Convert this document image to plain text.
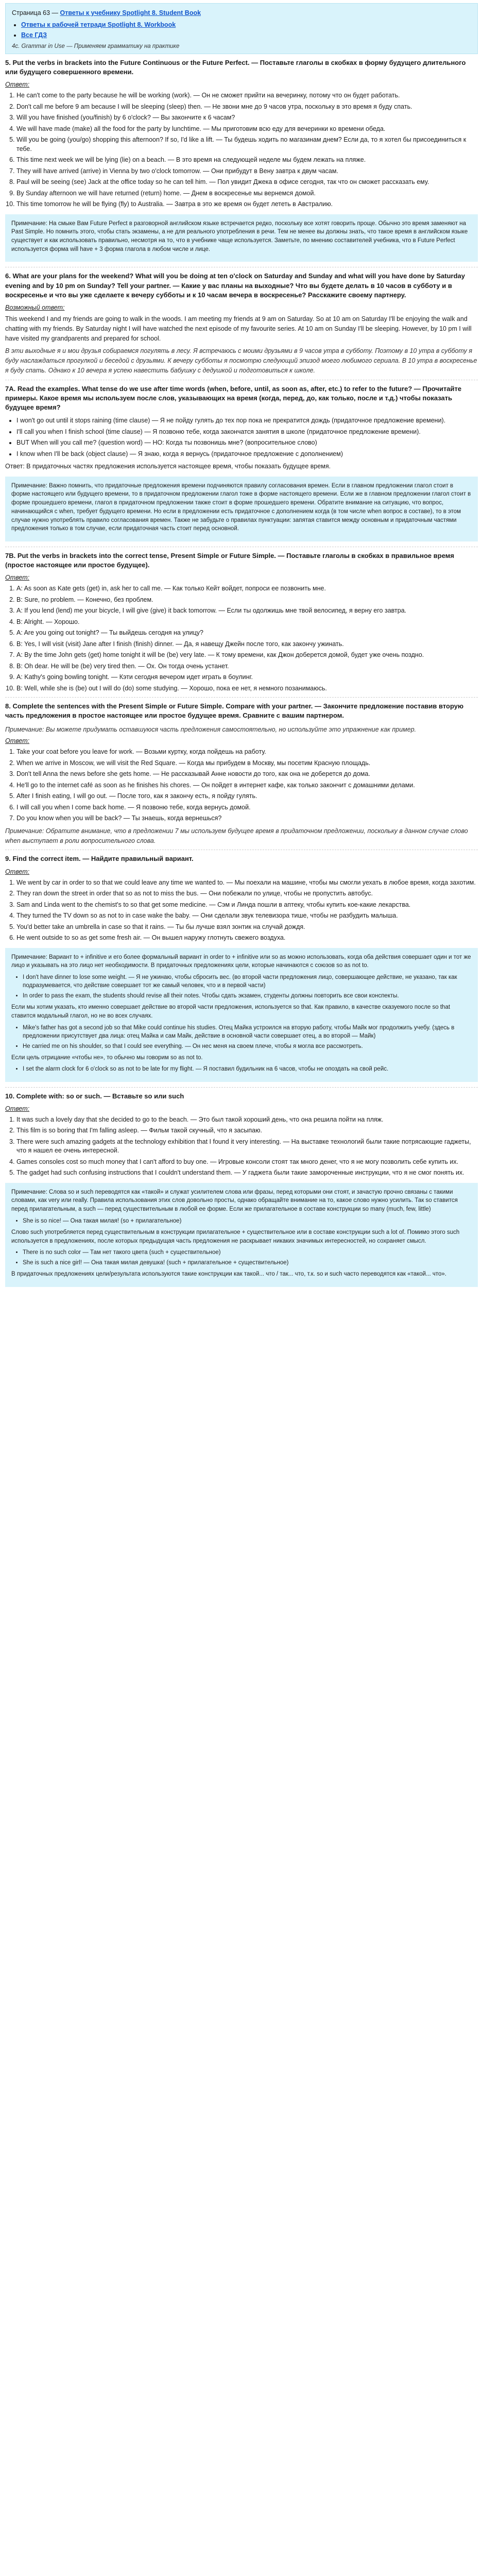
Страница 63 — Ответы к учебнику Spotlight 8. Student Book
• Ответы к рабочей тетради Spotlight 8. Workbook
• Все ГДЗ
4c. Grammar in Use — Применяем грамматику на практике
5. Put the verbs in brackets into the Future Continuous or the Future Perfect. — Поставьте глаголы в скобках в форму будущего длительного или будущего совершенного времени.
Ответ:
1. He can't come to the party because he will be working (work). — Он не сможет прийти на вечеринку, потому что он будет работать.
2. Don't call me before 9 am because I will be sleeping (sleep) then. — Не звони мне до 9 часов утра, поскольку в это время я буду спать.
3. Will you have finished (you/finish) by 6 o'clock? — Вы закончите к 6 часам?
4. We will have made (make) all the food for the party by lunchtime. — Мы приготовим всю еду для вечеринки ко времени обеда.
5. Will you be going (you/go) shopping this afternoon? If so, I'd like a lift. — Ты будешь ходить по магазинам днем? Если да, то я хотел бы присоединиться к тебе.
6. This time next week we will be lying (lie) on a beach. — В это время на следующей неделе мы будем лежать на пляже.
7. They will have arrived (arrive) in Vienna by two o'clock tomorrow. — Они прибудут в Вену завтра к двум часам.
8. Paul will be seeing (see) Jack at the office today so he can tell him. — Пол увидит Джека в офисе сегодня, так что он сможет рассказать ему.
9. By Sunday afternoon we will have returned (return) home. — Днем в воскресенье мы вернемся домой.
10. This time tomorrow he will be flying (fly) to Australia. — Завтра в это же время он будет лететь в Австралию.

Примечание: На смыке Вам Future Perfect в разговорной английском языке встречается редко, поскольку все хотят говорить проще. Обычно это время заменяют на Past Simple. Но помнить этого, чтобы стать экзамены, а не для реального употребления в речи. Тем не менее вы должны знать, что такое время в английском языке существует и как использовать правильно, несмотря на то, что в учебнике чаще используется. Заметьте, по мнению составителей учебника, что в Future Perfect используется форма will have + 3 форма глагола в любом числе и лице.

6. What are your plans for the weekend? What will you be doing at ten o'clock on Saturday and Sunday and what will you have done by Saturday evening and by 10 pm on Sunday? Tell your partner. — Какие у вас планы на выходные? Что вы будете делать в 10 часов в субботу и в воскресенье и что вы уже сделаете к вечеру субботы и к 10 часам вечера в воскресенье? Расскажите своему партнеру.
Возможный ответ:

This weekend I and my friends are going to walk in the woods. I am meeting my friends at 9 am on Saturday. So at 10 am on Saturday I'll be enjoying the walk and chatting with my friends. By Saturday night I will have watched the next episode of my favourite series. At 10 am on Sunday I'll be sleeping. However, by 10 pm I will have visited my grandparents and prepared for school.

В эти выходные я и мои друзья собираемся погулять в лесу. Я встречаюсь с моими друзьями в 9 часов утра в субботу. Поэтому в 10 утра в субботу я буду наслаждаться прогулкой и беседой с друзьями. К вечеру субботы я посмотрю следующий эпизод моего любимого сериала. В 10 утра в воскресенье я буду спать. Однако к 10 вечера я успею навестить бабушку с дедушкой и подготовиться к школе.

7A. Read the examples. What tense do we use after time words (when, before, until, as soon as, after, etc.) to refer to the future? — Прочитайте примеры. Какое время мы используем после слов, указывающих на время (когда, перед, до, как только, после и т.д.) чтобы показать будущее время?
• I won't go out until it stops raining (time clause) — Я не пойду гулять до тех пор пока не прекратится дождь (придаточное предложение времени).
• I'll call you when I finish school (time clause) — Я позвоню тебе, когда закончатся занятия в школе (придаточное предложение времени).
• BUT When will you call me? (question word) — НО: Когда ты позвонишь мне? (вопросительное слово)
• I know when I'll be back (object clause) — Я знаю, когда я вернусь (придаточное предложение с дополнением)

Ответ: В придаточных частях предложения используется настоящее время, чтобы показать будущее время.

Примечание: Важно помнить, что придаточные предложения времени подчиняются правилу согласования времен. Если в главном предложении глагол стоит в форме настоящего или будущего времени, то в придаточном предложении глагол тоже в форме настоящего времени. Если же в главном предложении глагол стоит в форме прошедшего времени, глагол в придаточном предложении также стоит в форме прошедшего времени. Обратите внимание на ситуацию, что вопрос, начинающийся с when, требует будущего времени. Но если в предложении есть придаточное с дополнением когда (в том числе when вопрос в составе), то в этом случае нужно употреблять правило согласования времен. Также не забудьте о правилах пунктуации: запятая ставится между основным и придаточным частями предложения только в том случае, если придаточная часть стоит перед основной.

7B. Put the verbs in brackets into the correct tense, Present Simple or Future Simple. — Поставьте глаголы в скобках в правильное время (простое настоящее или простое будущее).
Ответ:
1. A: As soon as Kate gets (get) in, ask her to call me. — Как только Кейт войдет, попроси ее позвонить мне.
2. B: Sure, no problem. — Конечно, без проблем.
3. A: If you lend (lend) me your bicycle, I will give (give) it back tomorrow. — Если ты одолжишь мне твой велосипед, я верну его завтра.
4. B: Alright. — Хорошо.
5. A: Are you going out tonight? — Ты выйдешь сегодня на улицу?
6. B: Yes, I will visit (visit) Jane after I finish (finish) dinner. — Да, я навещу Джейн после того, как закончу ужинать.
7. A: By the time John gets (get) home tonight it will be (be) very late. — К тому времени, как Джон доберется домой, будет уже очень поздно.
8. B: Oh dear. He will be (be) very tired then. — Ох. Он тогда очень устанет.
9. A: Kathy's going bowling tonight. — Кэти сегодня вечером идет играть в боулинг.
10. B: Well, while she is (be) out I will do (do) some studying. — Хорошо, пока ее нет, я немного позанимаюсь.
8. Complete the sentences with the Present Simple or Future Simple. Compare with your partner. — Закончите предложение поставив вторую часть предложения в простое настоящее или простое будущее время. Сравните с вашим партнером.

Примечание: Вы можете придумать оставшуюся часть предложения самостоятельно, но используйте это упражнение как пример.

Ответ:
1. Take your coat before you leave for work. — Возьми куртку, когда пойдешь на работу.
2. When we arrive in Moscow, we will visit the Red Square. — Когда мы прибудем в Москву, мы посетим Красную площадь.
3. Don't tell Anna the news before she gets home. — Не рассказывай Анне новости до того, как она не доберется до дома.
4. He'll go to the internet café as soon as he finishes his chores. — Он пойдет в интернет кафе, как только закончит с домашними делами.
5. After I finish eating, I will go out. — После того, как я закончу есть, я пойду гулять.
6. I will call you when I come back home. — Я позвоню тебе, когда вернусь домой.
7. Do you know when you will be back? — Ты знаешь, когда вернешься?

Примечание: Обратите внимание, что в предложении 7 мы используем будущее время в придаточном предложении, поскольку в данном случае слово when выступает в роли вопросительного слова.

9. Find the correct item. — Найдите правильный вариант.
Ответ:
1. We went by car in order to so that we could leave any time we wanted to. — Мы поехали на машине, чтобы мы смогли уехать в любое время, когда захотим.
2. They ran down the street in order that so as not to miss the bus. — Они побежали по улице, чтобы не пропустить автобус.
3. Sam and Linda went to the chemist's to so that get some medicine. — Сэм и Линда пошли в аптеку, чтобы купить кое-какие лекарства.
4. They turned the TV down so as not to in case wake the baby. — Они сделали звук телевизора тише, чтобы не разбудить малыша.
5. You'd better take an umbrella in case so that it rains. — Ты бы лучше взял зонтик на случай дождя.
6. He went outside to so as get some fresh air. — Он вышел наружу глотнуть свежего воздуха.

Примечание: Вариант to + infinitive и его более формальный вариант in order to + infinitive или so as можно использовать, когда оба действия совершает один и тот же лицо и указывать на это лицо нет необходимости. В придаточных предложениях цели, которые начинаются с союзов so as not to.

• I don't have dinner to lose some weight. — Я не ужинаю, чтобы сбросить вес. (во второй части предложения лицо, совершающее действие, не указано, так как подразумевается, что действие совершает тот же самый человек, что и в первой части)
• In order to pass the exam, the students should revise all their notes. Чтобы сдать экзамен, студенты должны повторить все свои конспекты.

Если мы хотим указать, кто именно совершает действие во второй части предложения, используется so that. Как правило, в качестве сказуемого после so that ставится модальный глагол, но не во всех случаях.

• Mike's father has got a second job so that Mike could continue his studies. Отец Майка устроился на вторую работу, чтобы Майк мог продолжить учебу. (здесь в предложении присутствует два лица: отец Майка и сам Майк, действие в основной части совершает отец, а во второй — Майк)
• He carried me on his shoulder, so that I could see everything. — Он нес меня на своем плече, чтобы я могла все рассмотреть.

Если цель отрицание «чтобы не», то обычно мы говорим so as not to.

• I set the alarm clock for 6 o'clock so as not to be late for my flight. — Я поставил будильник на 6 часов, чтобы не опоздать на свой рейс.
10. Complete with: so or such. — Вставьте so или such
Ответ:
1. It was such a lovely day that she decided to go to the beach. — Это был такой хороший день, что она решила пойти на пляж.
2. This film is so boring that I'm falling asleep. — Фильм такой скучный, что я засыпаю.
3. There were such amazing gadgets at the technology exhibition that I found it very interesting. — На выставке технологий были такие потрясающие гаджеты, что я нашел ее очень интересной.
4. Games consoles cost so much money that I can't afford to buy one. — Игровые консоли стоят так много денег, что я не могу позволить себе купить их.
5. The gadget had such confusing instructions that I couldn't understand them. — У гаджета были такие замороченные инструкции, что я не смог понять их.

Примечание: Слова so и such переводятся как «такой» и служат усилителем слова или фразы, перед которыми они стоят, и зачастую прочно связаны с такими словами, как very или really. Правила использования этих слов довольно просты, однако обращайте внимание на то, какое слово нужно усилить. Так so ставится перед прилагательным, а such — перед существительным в любой ее форме. Если же прилагательное в составе конструкции so many (much, few, little)

• She is so nice! — Она такая милая! (so + прилагательное)

Слово such употребляется перед существительным в конструкции прилагательное + существительное или в составе конструкции such a lot of. Помимо этого such используется в предложениях, после которых предыдущая часть предложения не раскрывает никаких значимых интересностей, но сохраняет смысл.

• There is no such color — Там нет такого цвета (such + существительное)
• She is such a nice girl! — Она такая милая девушка! (such + прилагательное + существительное)

В придаточных предложениях цели/результата используются такие конструкции как такой... что / так... что, т.к. so и such часто переводятся как «такой... что».
